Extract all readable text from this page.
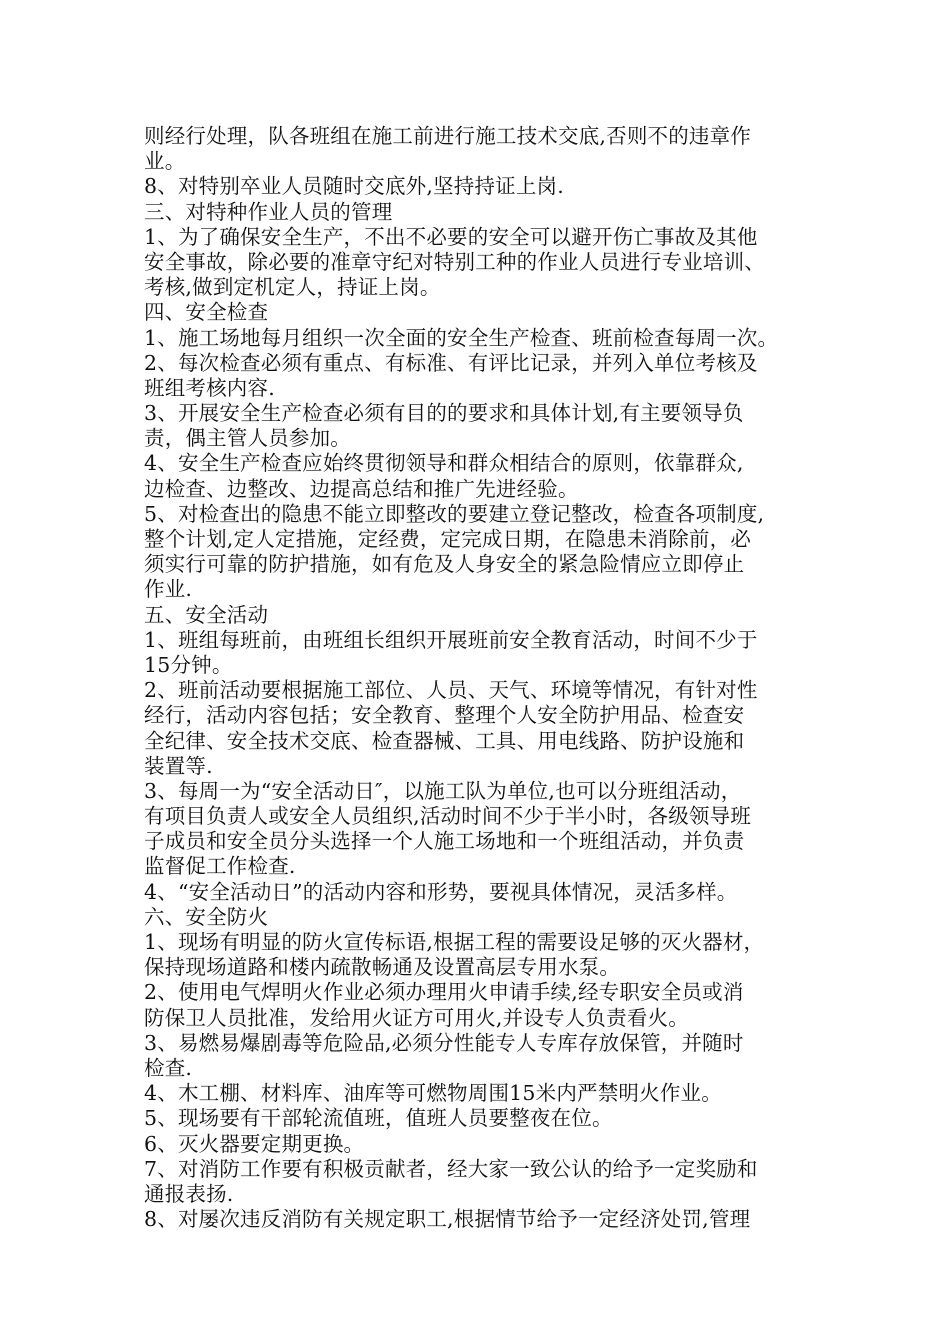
则经行处理，队各班组在施工前进行施工技术交底,否则不的违章作
业。
8、对特别卒业人员随时交底外,坚持持证上岗.
三、对特种作业人员的管理
1、为了确保安全生产，不出不必要的安全可以避开伤亡事故及其他
安全事故，除必要的准章守纪对特别工种的作业人员进行专业培训、
考核,做到定机定人，持证上岗。
四、安全检查
1、施工场地每月组织一次全面的安全生产检查、班前检查每周一次。
2、每次检查必须有重点、有标准、有评比记录，并列入单位考核及
班组考核内容.
3、开展安全生产检查必须有目的的要求和具体计划,有主要领导负
责，偶主管人员参加。
4、安全生产检查应始终贯彻领导和群众相结合的原则，依靠群众,
边检查、边整改、边提高总结和推广先进经验。
5、对检查出的隐患不能立即整改的要建立登记整改，检查各项制度,
整个计划,定人定措施，定经费，定完成日期，在隐患未消除前，必
须实行可靠的防护措施，如有危及人身安全的紧急险情应立即停止
作业.
五、安全活动
1、班组每班前，由班组长组织开展班前安全教育活动，时间不少于
15分钟。
2、班前活动要根据施工部位、人员、天气、环境等情况，有针对性
经行，活动内容包括；安全教育、整理个人安全防护用品、检查安
全纪律、安全技术交底、检查器械、工具、用电线路、防护设施和
装置等.
3、每周一为“安全活动日″，以施工队为单位,也可以分班组活动，
有项目负责人或安全人员组织,活动时间不少于半小时，各级领导班
子成员和安全员分头选择一个人施工场地和一个班组活动，并负责
监督促工作检查.
4、“安全活动日”的活动内容和形势，要视具体情况，灵活多样。
六、安全防火
1、现场有明显的防火宣传标语,根据工程的需要设足够的灭火器材，
保持现场道路和楼内疏散畅通及设置高层专用水泵。
2、使用电气焊明火作业必须办理用火申请手续,经专职安全员或消
防保卫人员批准，发给用火证方可用火,并设专人负责看火。
3、易燃易爆剧毒等危险品,必须分性能专人专库存放保管，并随时
检查.
4、木工棚、材料库、油库等可燃物周围15米内严禁明火作业。
5、现场要有干部轮流值班，值班人员要整夜在位。
6、灭火器要定期更换。
7、对消防工作要有积极贡献者，经大家一致公认的给予一定奖励和
通报表扬.
8、对屡次违反消防有关规定职工,根据情节给予一定经济处罚,管理
